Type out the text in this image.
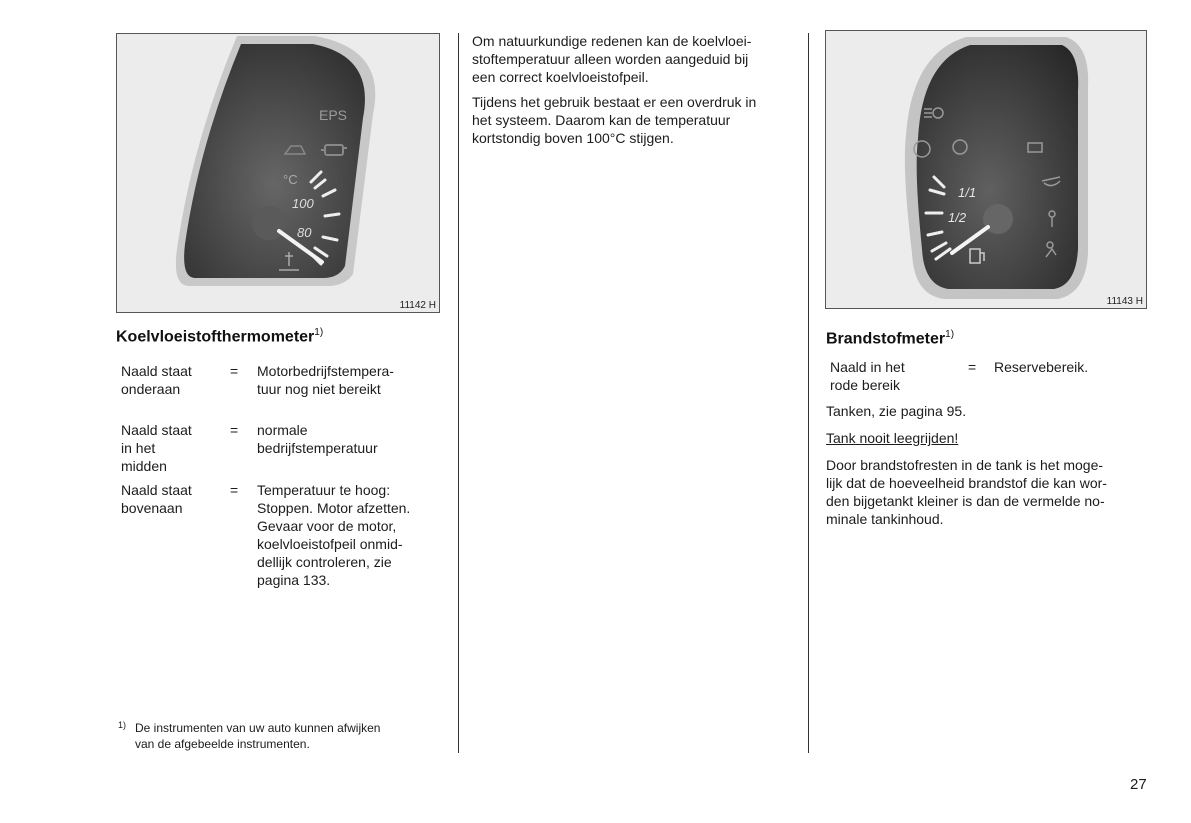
EPS
°C
100
80
11142 H
1/1
1/2
11143 H
Koelvloeistofthermometer$^{1)}$
Naald staat
onderaan
= Motorbedrijfstempera-
tuur nog niet bereikt
Naald staat
in het
midden
= normale
bedrijfstemperatuur
Naald staat
bovenaan
= Temperatuur te hoog:
Stoppen. Motor afzetten.
Gevaar voor de motor,
koelvloeistofpeil onmid-
dellijk controleren, zie
pagina 133.
1) De instrumenten van uw auto kunnen afwijken
van de afgebeelde instrumenten.
Om natuurkundige redenen kan de koelvloei-
stoftemperatuur alleen worden aangeduid bij
een correct koelvloeistofpeil.
Tijdens het gebruik bestaat er een overdruk in
het systeem. Daarom kan de temperatuur
kortstondig boven 100°C stijgen.
Brandstofmeter$^{1)}$
Naald in het
rode bereik
= Reservebereik.
Tanken, zie pagina 95.
Tank nooit leegrijden!
Door brandstofresten in de tank is het moge-
lijk dat de hoeveelheid brandstof die kan wor-
den bijgetankt kleiner is dan de vermelde no-
minale tankinhoud.
27
